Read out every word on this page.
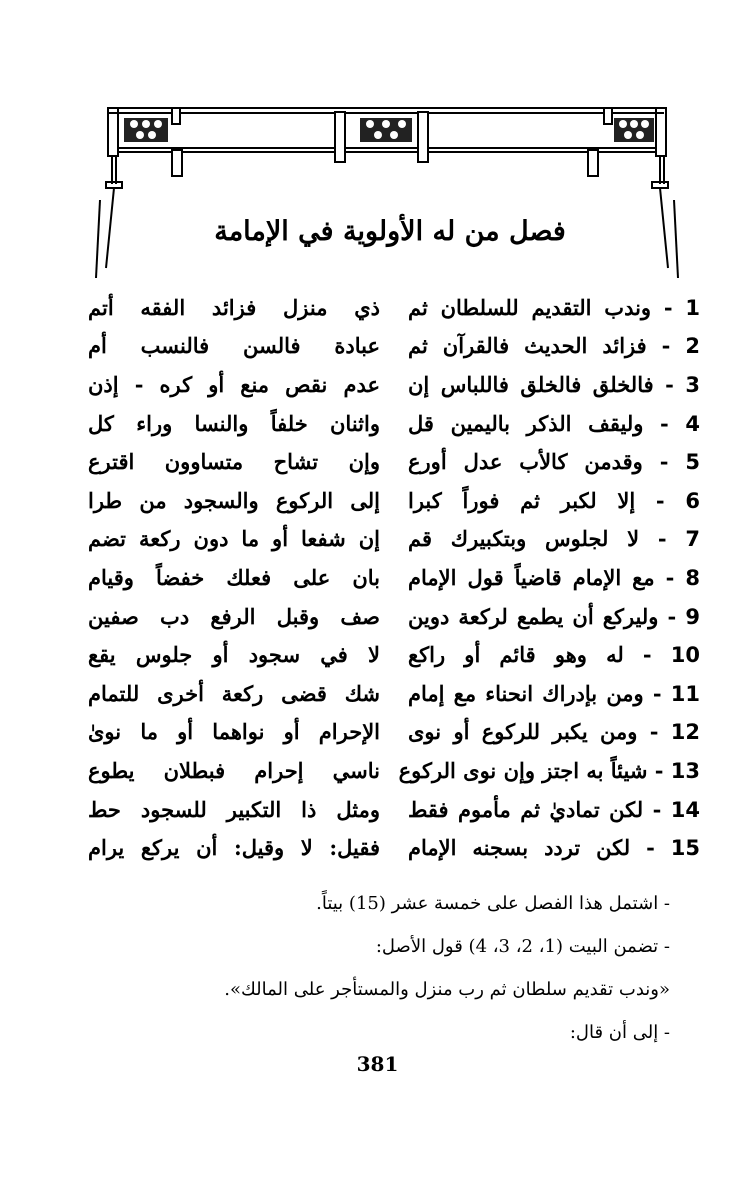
فصل من له الأولوية في الإمامة
1 - وندب التقديم للسلطان ثم
ذي منزل فزائد الفقه أتم
2 - فزائد الحديث فالقرآن ثم
عبادة فالسن فالنسب أم
3 - فالخلق فالخلق فاللباس إن
عدم نقص منع أو كره - إذن
4 - وليقف الذكر باليمين قل
واثنان خلفاً والنسا وراء كل
5 - وقدمن كالأب عدل أورع
وإن تشاح متساوون اقترع
6 - إلا لكبر ثم فوراً كبرا
إلى الركوع والسجود من طرا
7 - لا لجلوس وبتكبيرك قم
إن شفعا أو ما دون ركعة تضم
8 - مع الإمام قاضياً قول الإمام
بان على فعلك خفضاً وقيام
9 - وليركع أن يطمع لركعة دوين
صف وقبل الرفع دب صفين
10 - له وهو قائم أو راكع
لا في سجود أو جلوس يقع
11 - ومن بإدراك انحناء مع إمام
شك قضى ركعة أخرى للتمام
12 - ومن يكبر للركوع أو نوى
الإحرام أو نواهما أو ما نوىٰ
13 - شيئاً به اجتز وإن نوى الركوع
ناسي إحرام فبطلان يطوع
14 - لكن تماديٰ ثم مأموم فقط
ومثل ذا التكبير للسجود حط
15 - لكن تردد بسجنه الإمام
فقيل: لا وقيل: أن يركع يرام
- اشتمل هذا الفصل على خمسة عشر (15) بيتاً.
- تضمن البيت (1، 2، 3، 4) قول الأصل:
«وندب تقديم سلطان ثم رب منزل والمستأجر على المالك».
- إلى أن قال:
381
